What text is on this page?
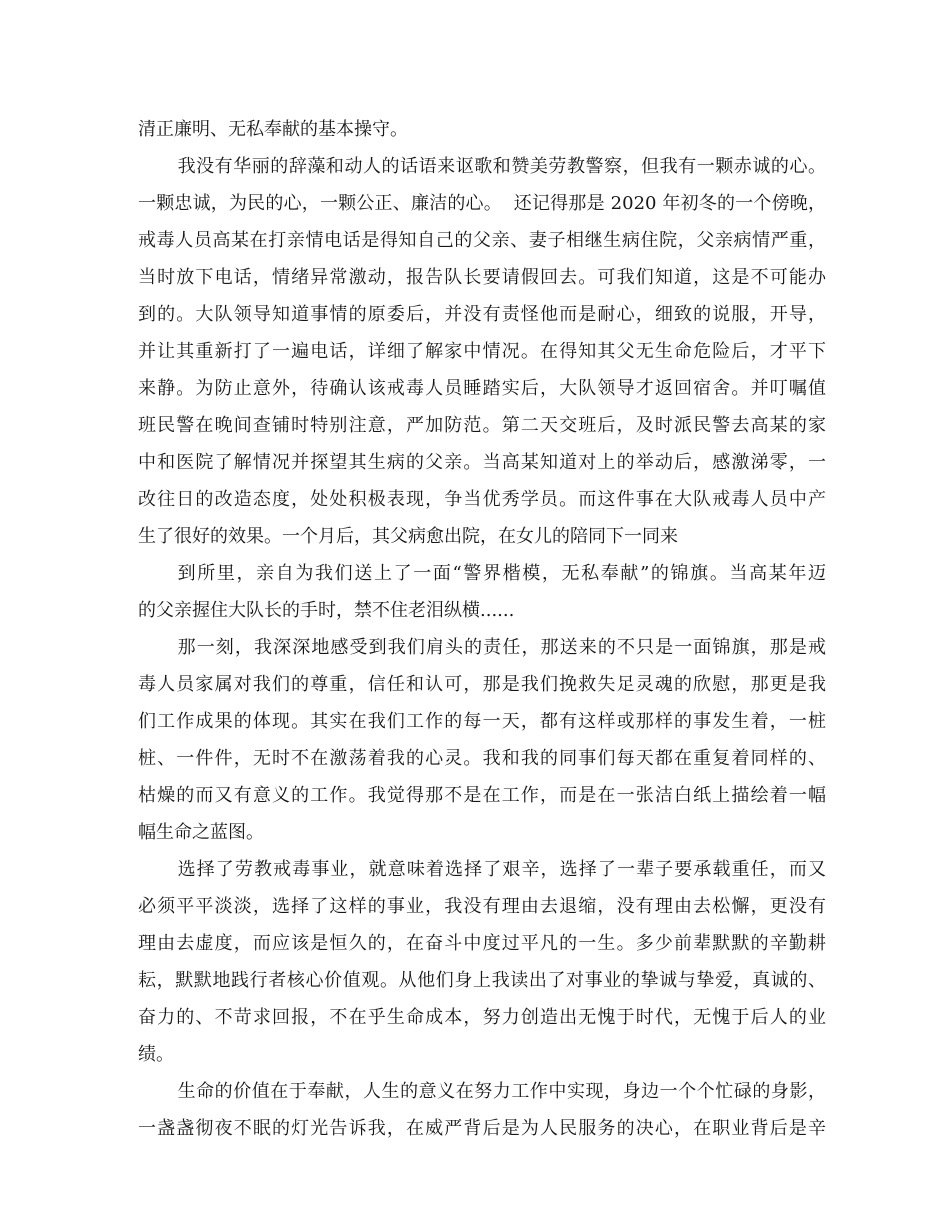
清正廉明、无私奉献的基本操守。
我没有华丽的辞藻和动人的话语来讴歌和赞美劳教警察，但我有一颗赤诚的心。
一颗忠诚，为民的心，一颗公正、廉洁的心。  还记得那是 2020 年初冬的一个傍晚，
戒毒人员高某在打亲情电话是得知自己的父亲、妻子相继生病住院，父亲病情严重，
当时放下电话，情绪异常激动，报告队长要请假回去。可我们知道，这是不可能办
到的。大队领导知道事情的原委后，并没有责怪他而是耐心，细致的说服，开导，
并让其重新打了一遍电话，详细了解家中情况。在得知其父无生命危险后，才平下
来静。为防止意外，待确认该戒毒人员睡踏实后，大队领导才返回宿舍。并叮嘱值
班民警在晚间查铺时特别注意，严加防范。第二天交班后，及时派民警去高某的家
中和医院了解情况并探望其生病的父亲。当高某知道对上的举动后，感激涕零，一
改往日的改造态度，处处积极表现，争当优秀学员。而这件事在大队戒毒人员中产
生了很好的效果。一个月后，其父病愈出院，在女儿的陪同下一同来
到所里，亲自为我们送上了一面“警界楷模，无私奉献”的锦旗。当高某年迈
的父亲握住大队长的手时，禁不住老泪纵横......
那一刻，我深深地感受到我们肩头的责任，那送来的不只是一面锦旗，那是戒
毒人员家属对我们的尊重，信任和认可，那是我们挽救失足灵魂的欣慰，那更是我
们工作成果的体现。其实在我们工作的每一天，都有这样或那样的事发生着，一桩
桩、一件件，无时不在激荡着我的心灵。我和我的同事们每天都在重复着同样的、
枯燥的而又有意义的工作。我觉得那不是在工作，而是在一张洁白纸上描绘着一幅
幅生命之蓝图。
选择了劳教戒毒事业，就意味着选择了艰辛，选择了一辈子要承载重任，而又
必须平平淡淡，选择了这样的事业，我没有理由去退缩，没有理由去松懈，更没有
理由去虚度，而应该是恒久的，在奋斗中度过平凡的一生。多少前辈默默的辛勤耕
耘，默默地践行者核心价值观。从他们身上我读出了对事业的挚诚与挚爱，真诚的、
奋力的、不苛求回报，不在乎生命成本，努力创造出无愧于时代，无愧于后人的业
绩。
生命的价值在于奉献，人生的意义在努力工作中实现，身边一个个忙碌的身影，
一盏盏彻夜不眠的灯光告诉我，在威严背后是为人民服务的决心，在职业背后是辛
